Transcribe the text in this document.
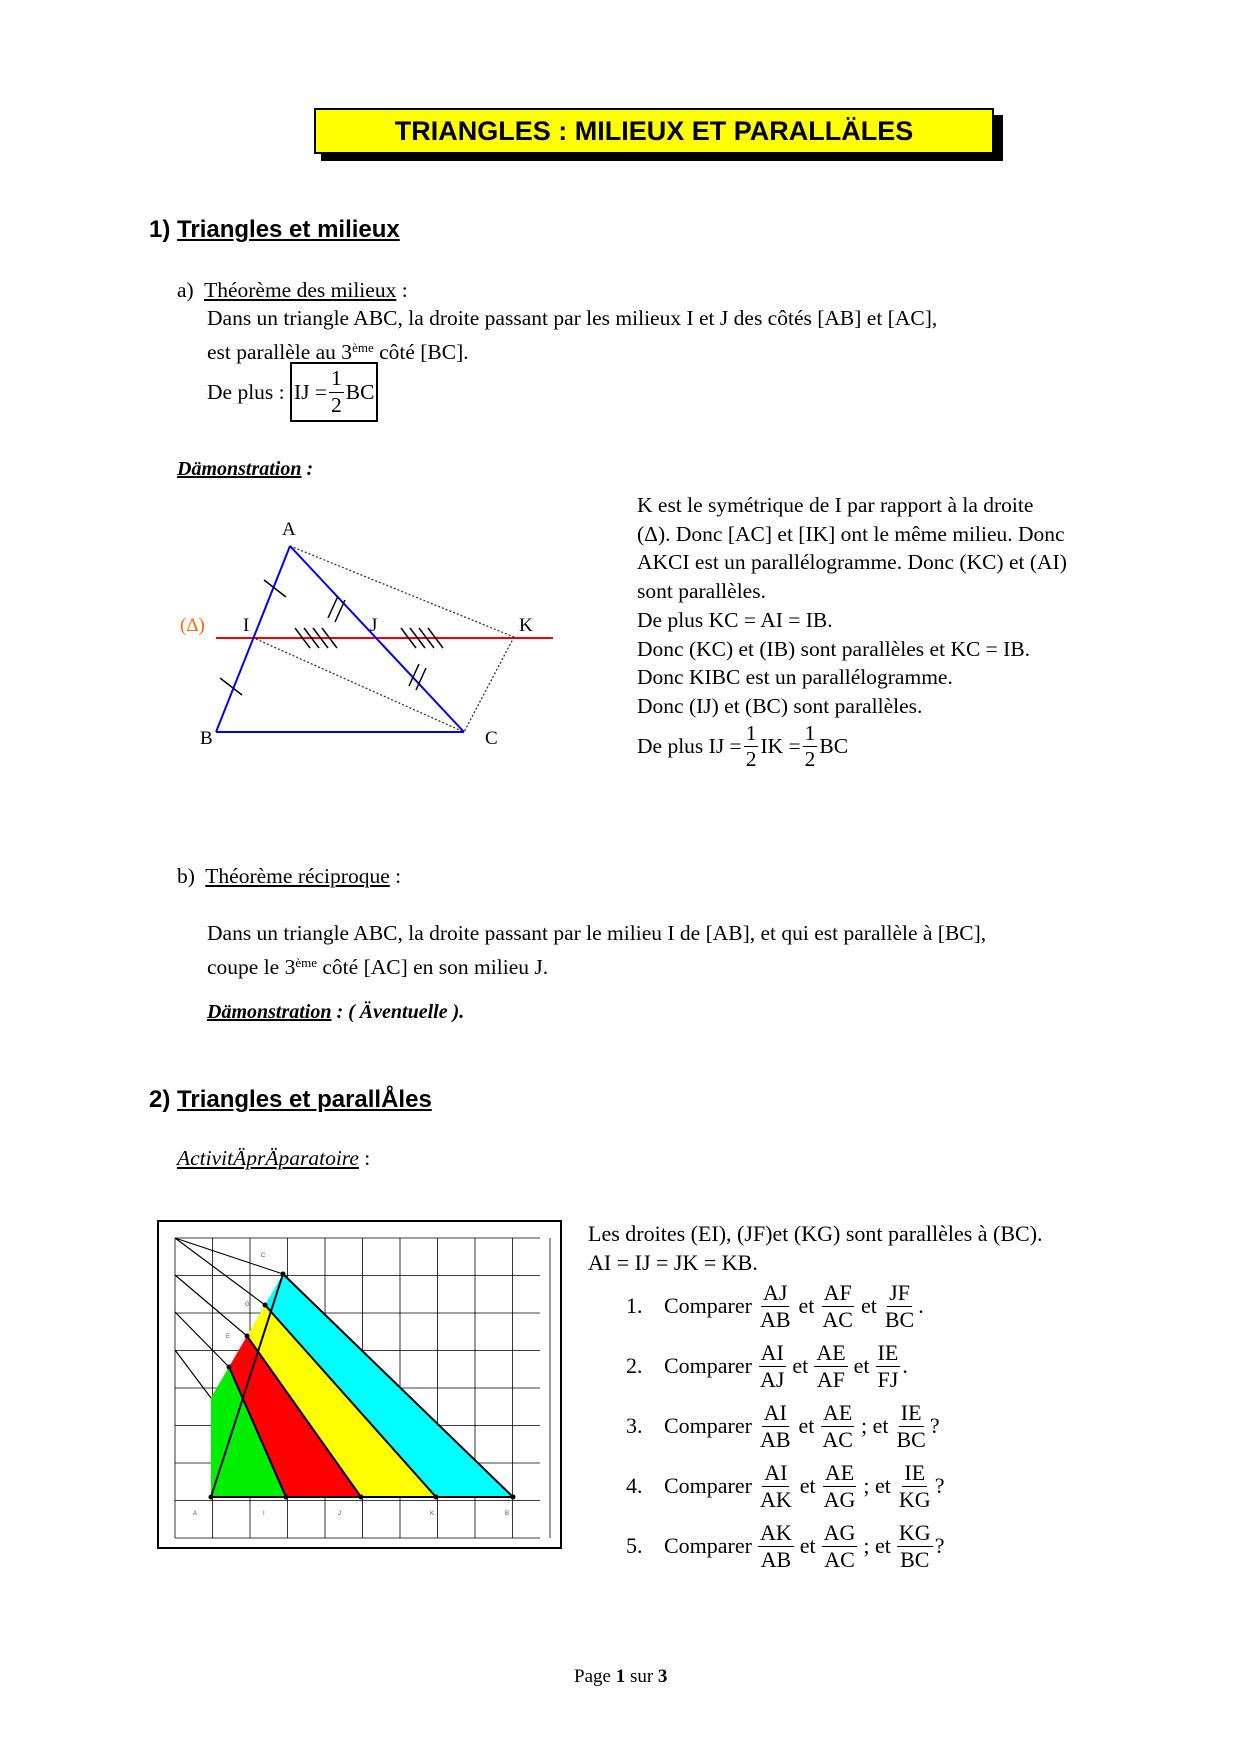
TRIANGLES : MILIEUX ET PARALLÄLES
1) Triangles et milieux
a) Théorème des milieux :
Dans un triangle ABC, la droite passant par les milieux I et J des côtés [AB] et [AC],
est parallèle au 3ème côté [BC].
De plus :
IJ = $\frac{1}{2}$ BC
Dämonstration :
A
B	C
I	J	K
(Δ)
K est le symétrique de I par rapport à la droite
(Δ). Donc [AC] et [IK] ont le même milieu. Donc
AKCI est un parallélogramme. Donc (KC) et (AI)
sont parallèles.
De plus KC = AI = IB.
Donc (KC) et (IB) sont parallèles et KC = IB.
Donc KIBC est un parallélogramme.
Donc (IJ) et (BC) sont parallèles.
De plus IJ = $\frac{1}{2}$ IK = $\frac{1}{2}$ BC
b) Théorème réciproque :
Dans un triangle ABC, la droite passant par le milieu I de [AB], et qui est parallèle à [BC],
coupe le 3ème côté [AC] en son milieu J.
Dämonstration : ( Äventuelle ).
2) Triangles et parallÅles
ActivitÄprÄparatoire :
C
G
E
A	I	J	K	B
Les droites (EI), (JF)et (KG) sont parallèles à (BC).
AI = IJ = JK = KB.
1. Comparer $\frac{AJ}{AB}$ et $\frac{AF}{AC}$ et $\frac{JF}{BC}$ .
2. Comparer $\frac{AI}{AJ}$ et $\frac{AE}{AF}$ et $\frac{IE}{FJ}$ .
3. Comparer $\frac{AI}{AB}$ et $\frac{AE}{AC}$ ; et $\frac{IE}{BC}$ ?
4. Comparer $\frac{AI}{AK}$ et $\frac{AE}{AG}$ ; et $\frac{IE}{KG}$ ?
5. Comparer $\frac{AK}{AB}$ et $\frac{AG}{AC}$ ; et $\frac{KG}{BC}$ ?
Page 1 sur 3
